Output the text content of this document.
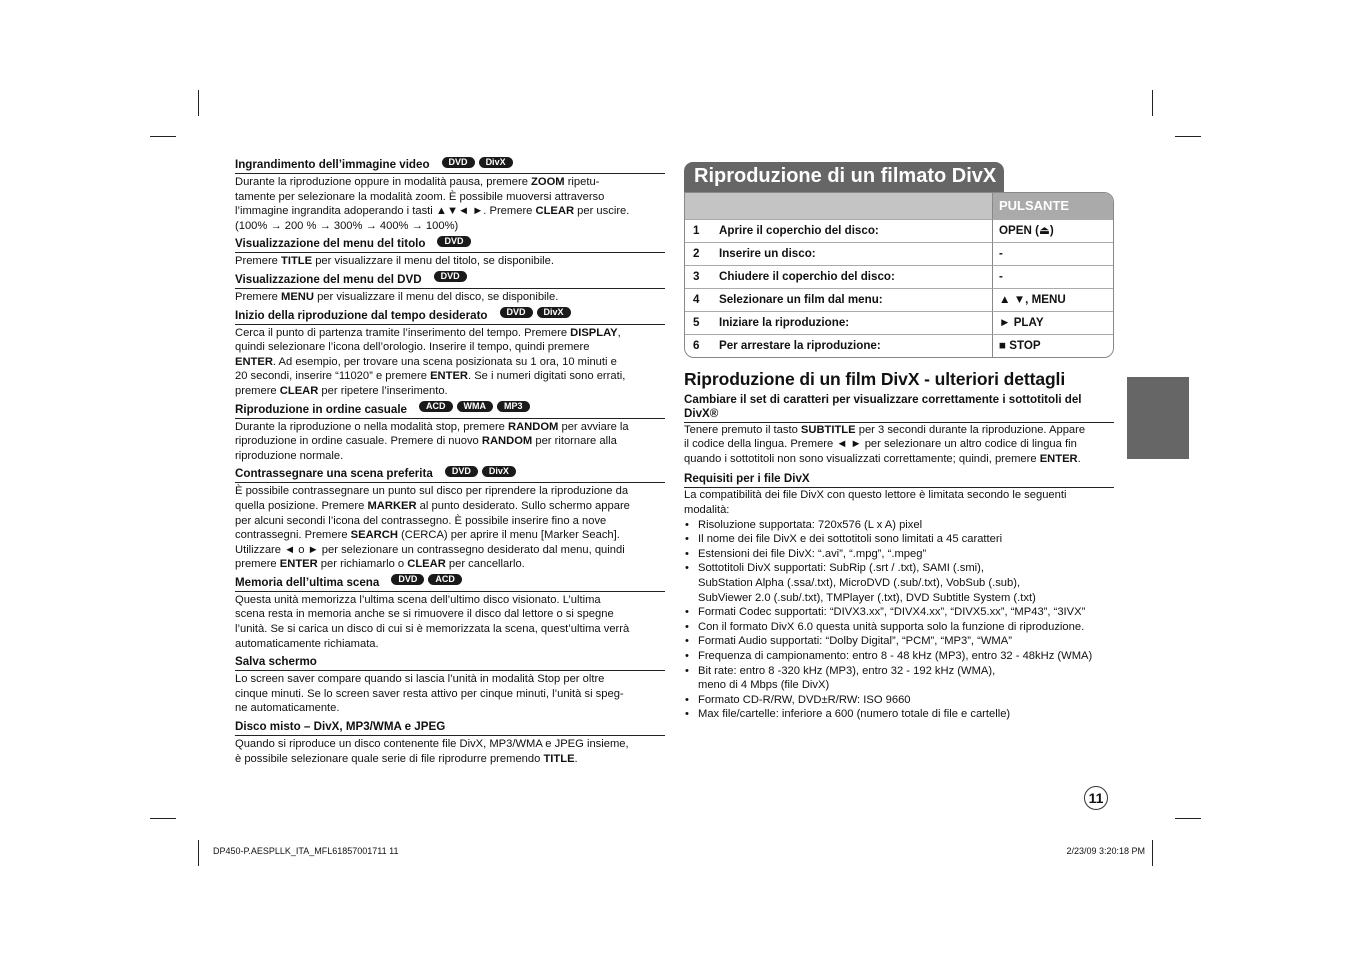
Ingrandimento dell’immagine video	DVD	DivX
Durante la riproduzione oppure in modalità pausa, premere ZOOM ripetu-
tamente per selezionare la modalità zoom. È possibile muoversi attraverso
l’immagine ingrandita adoperando i tasti ▲▼◄ ►. Premere CLEAR per uscire.
(100% → 200 % → 300% → 400% → 100%)
Visualizzazione del menu del titolo	DVD
Premere TITLE per visualizzare il menu del titolo, se disponibile.
Visualizzazione del menu del DVD	DVD
Premere MENU per visualizzare il menu del disco, se disponibile.
Inizio della riproduzione dal tempo desiderato	DVD	DivX
Cerca il punto di partenza tramite l’inserimento del tempo. Premere DISPLAY,
quindi selezionare l’icona dell’orologio. Inserire il tempo, quindi premere
ENTER. Ad esempio, per trovare una scena posizionata su 1 ora, 10 minuti e
20 secondi, inserire “11020” e premere ENTER. Se i numeri digitati sono errati,
premere CLEAR per ripetere l’inserimento.
Riproduzione in ordine casuale	ACD	WMA	MP3
Durante la riproduzione o nella modalità stop, premere RANDOM per avviare la
riproduzione in ordine casuale. Premere di nuovo RANDOM per ritornare alla
riproduzione normale.
Contrassegnare una scena preferita	DVD	DivX
È possibile contrassegnare un punto sul disco per riprendere la riproduzione da
quella posizione. Premere MARKER al punto desiderato. Sullo schermo appare
per alcuni secondi l’icona del contrassegno. È possibile inserire fino a nove
contrassegni. Premere SEARCH (CERCA) per aprire il menu [Marker Seach].
Utilizzare ◄ o ► per selezionare un contrassegno desiderato dal menu, quindi
premere ENTER per richiamarlo o CLEAR per cancellarlo.
Memoria dell’ultima scena	DVD	ACD
Questa unità memorizza l’ultima scena dell’ultimo disco visionato. L’ultima
scena resta in memoria anche se si rimuovere il disco dal lettore o si spegne
l’unità. Se si carica un disco di cui si è memorizzata la scena, quest’ultima verrà
automaticamente richiamata.
Salva schermo
Lo screen saver compare quando si lascia l’unità in modalità Stop per oltre
cinque minuti. Se lo screen saver resta attivo per cinque minuti, l’unità si speg-
ne automaticamente.
Disco misto – DivX, MP3/WMA e JPEG
Quando si riproduce un disco contenente file DivX, MP3/WMA e JPEG insieme,
è possibile selezionare quale serie di file riprodurre premendo TITLE.
Riproduzione di un filmato DivX
		PULSANTE
1	Aprire il coperchio del disco:	OPEN (⏏)
2	Inserire un disco:	-
3	Chiudere il coperchio del disco:	-
4	Selezionare un film dal menu:	▲ ▼, MENU
5	Iniziare la riproduzione:	► PLAY
6	Per arrestare la riproduzione:	■ STOP
Riproduzione di un film DivX - ulteriori dettagli
Cambiare il set di caratteri per visualizzare correttamente i sottotitoli del DivX®
Tenere premuto il tasto SUBTITLE per 3 secondi durante la riproduzione. Appare
il codice della lingua. Premere ◄ ► per selezionare un altro codice di lingua fin
quando i sottotitoli non sono visualizzati correttamente; quindi, premere ENTER.
Requisiti per i file DivX
La compatibilità dei file DivX con questo lettore è limitata secondo le seguenti
modalità:
• Risoluzione supportata: 720x576 (L x A) pixel
• Il nome dei file DivX e dei sottotitoli sono limitati a 45 caratteri
• Estensioni dei file DivX: “.avi”, “.mpg”, “.mpeg”
• Sottotitoli DivX supportati: SubRip (.srt / .txt), SAMI (.smi),
SubStation Alpha (.ssa/.txt), MicroDVD (.sub/.txt), VobSub (.sub),
SubViewer 2.0 (.sub/.txt), TMPlayer (.txt), DVD Subtitle System (.txt)
• Formati Codec supportati: “DIVX3.xx”, “DIVX4.xx”, “DIVX5.xx”, “MP43”, “3IVX”
• Con il formato DivX 6.0 questa unità supporta solo la funzione di riproduzione.
• Formati Audio supportati: “Dolby Digital”, “PCM”, “MP3”, “WMA”
• Frequenza di campionamento: entro 8 - 48 kHz (MP3), entro 32 - 48kHz (WMA)
• Bit rate: entro 8 -320 kHz (MP3), entro 32 - 192 kHz (WMA),
meno di 4 Mbps (file DivX)
• Formato CD-R/RW, DVD±R/RW: ISO 9660
• Max file/cartelle: inferiore a 600 (numero totale di file e cartelle)
11
DP450-P.AESPLLK_ITA_MFL61857001711 11	2/23/09 3:20:18 PM
